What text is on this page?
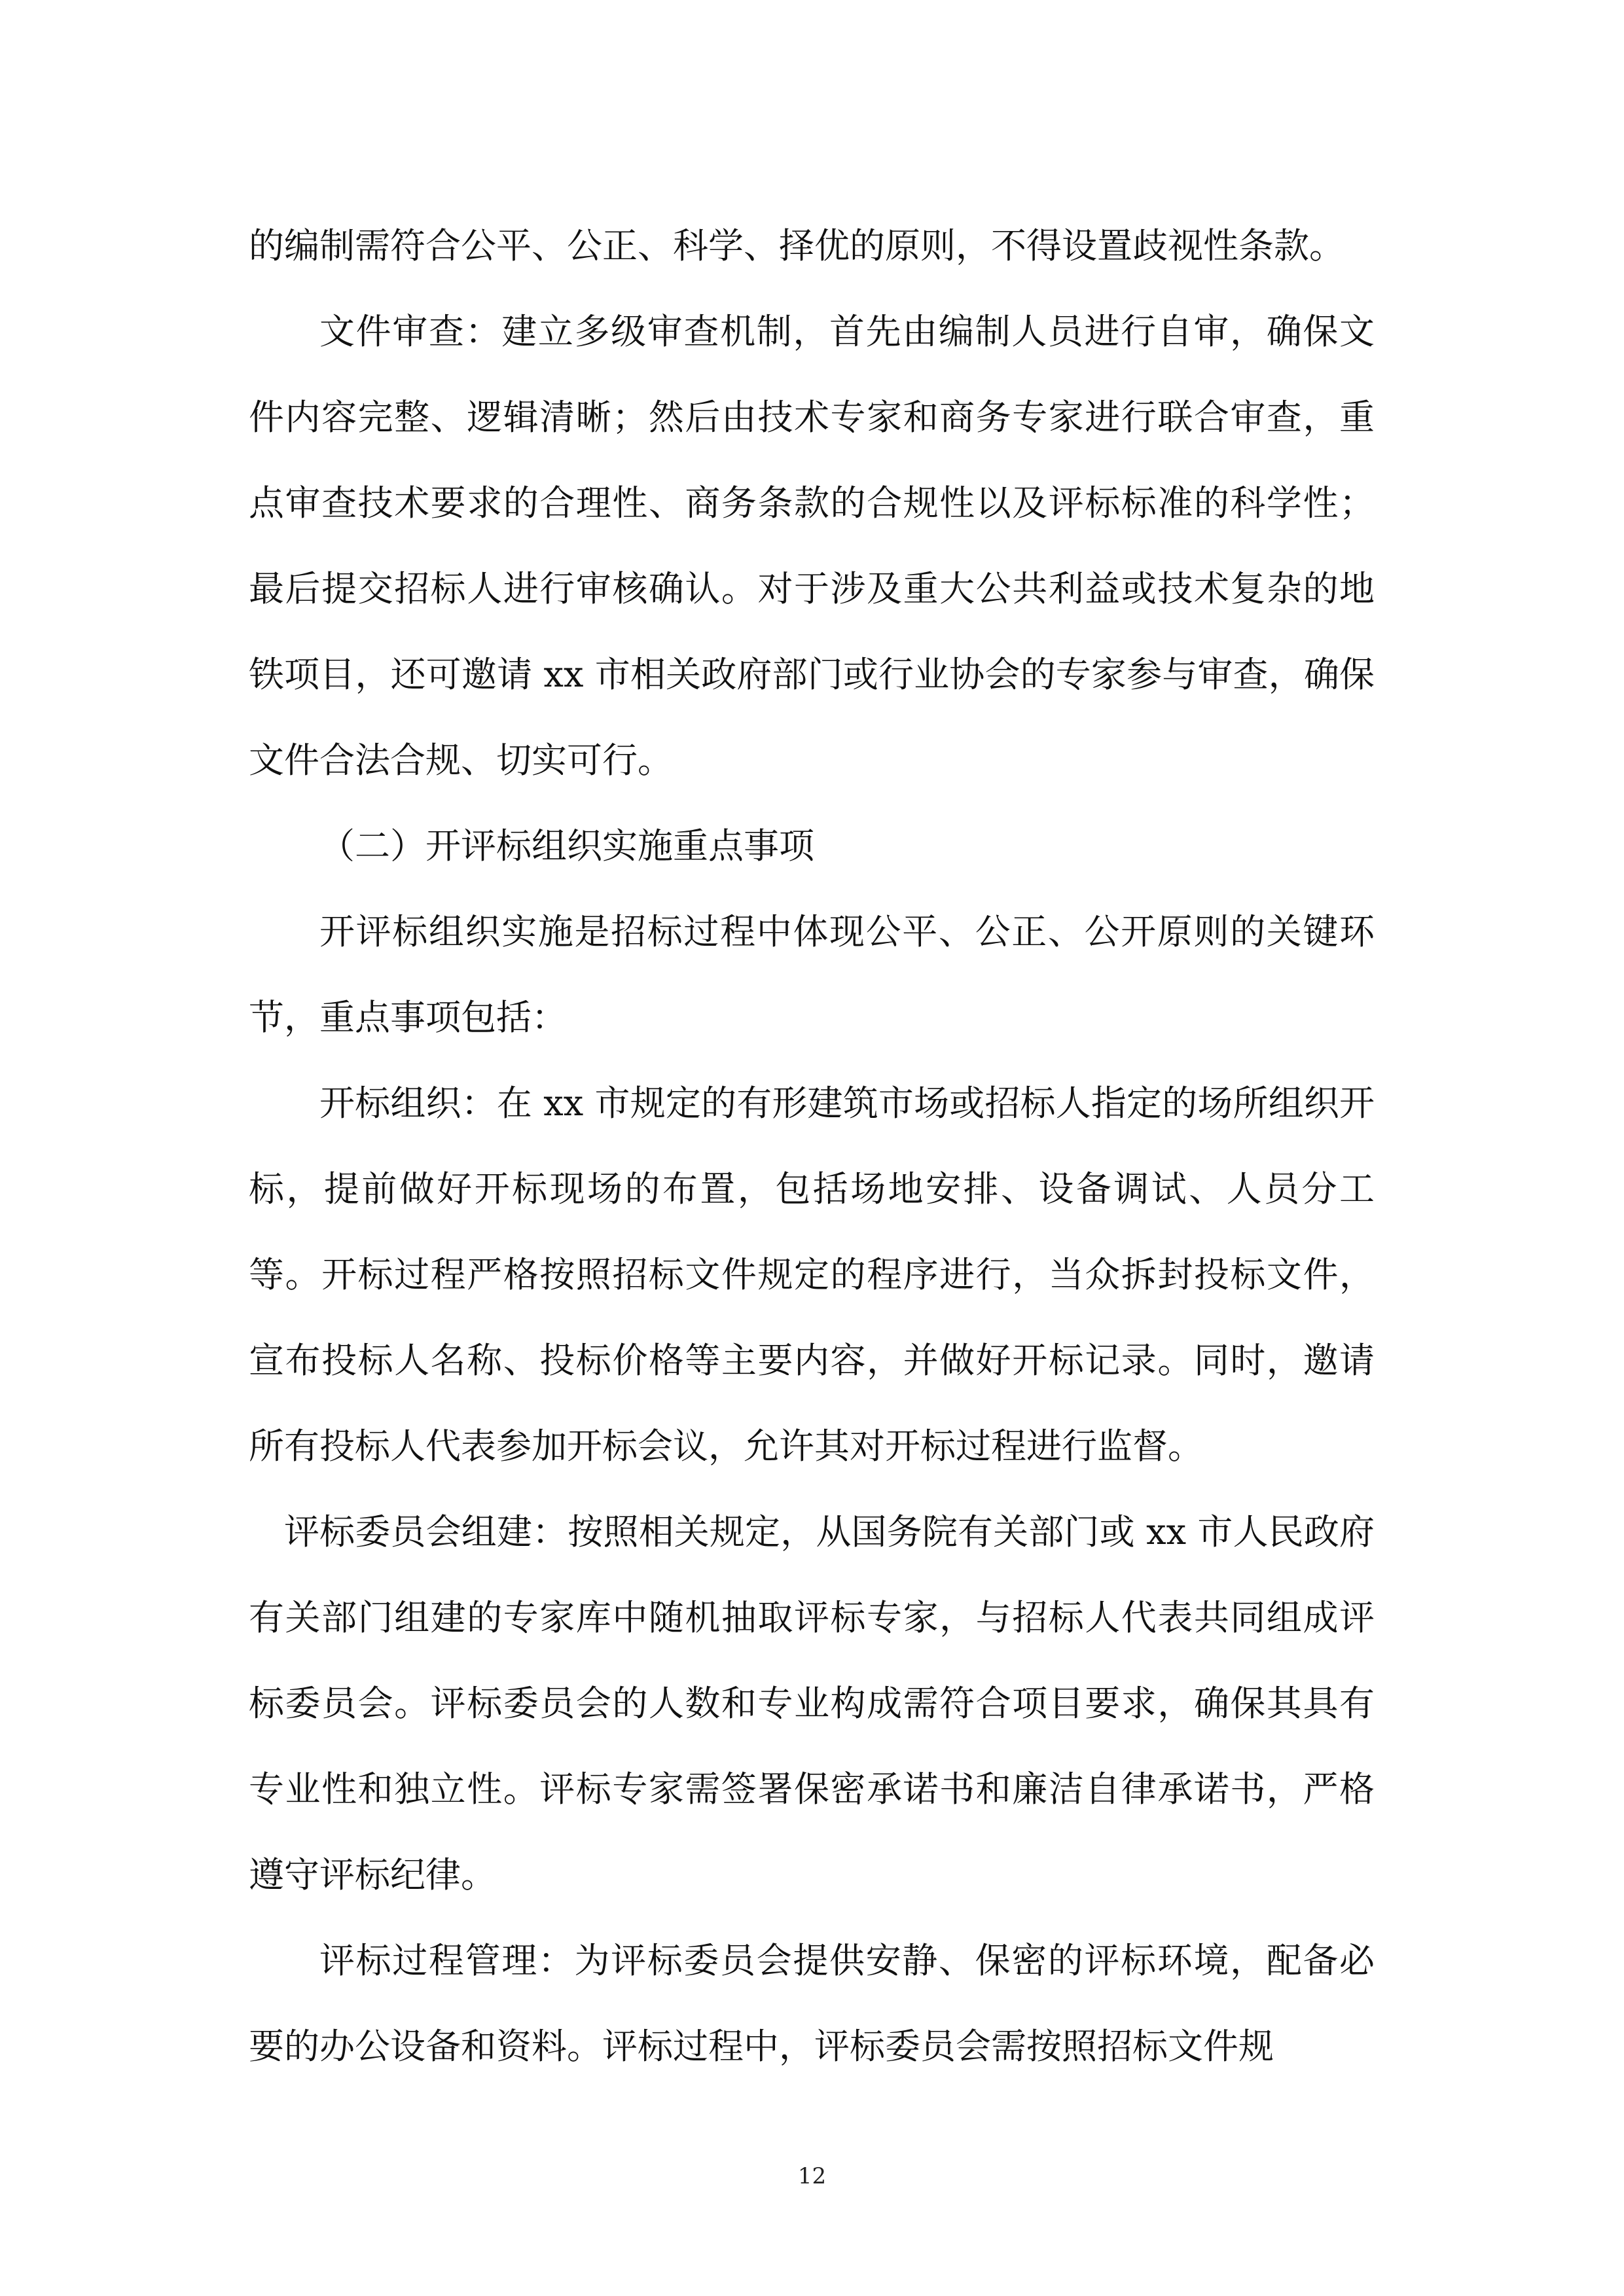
的编制需符合公平、公正、科学、择优的原则，不得设置歧视性条款。

文件审查：建立多级审查机制，首先由编制人员进行自审，确保文件内容完整、逻辑清晰；然后由技术专家和商务专家进行联合审查，重点审查技术要求的合理性、商务条款的合规性以及评标标准的科学性；最后提交招标人进行审核确认。对于涉及重大公共利益或技术复杂的地铁项目，还可邀请 xx 市相关政府部门或行业协会的专家参与审查，确保文件合法合规、切实可行。

（二）开评标组织实施重点事项

开评标组织实施是招标过程中体现公平、公正、公开原则的关键环节，重点事项包括：

开标组织：在 xx 市规定的有形建筑市场或招标人指定的场所组织开标，提前做好开标现场的布置，包括场地安排、设备调试、人员分工等。开标过程严格按照招标文件规定的程序进行，当众拆封投标文件，宣布投标人名称、投标价格等主要内容，并做好开标记录。同时，邀请所有投标人代表参加开标会议，允许其对开标过程进行监督。

评标委员会组建：按照相关规定，从国务院有关部门或 xx 市人民政府有关部门组建的专家库中随机抽取评标专家，与招标人代表共同组成评标委员会。评标委员会的人数和专业构成需符合项目要求，确保其具有专业性和独立性。评标专家需签署保密承诺书和廉洁自律承诺书，严格遵守评标纪律。

评标过程管理：为评标委员会提供安静、保密的评标环境，配备必要的办公设备和资料。评标过程中，评标委员会需按照招标文件规

12
